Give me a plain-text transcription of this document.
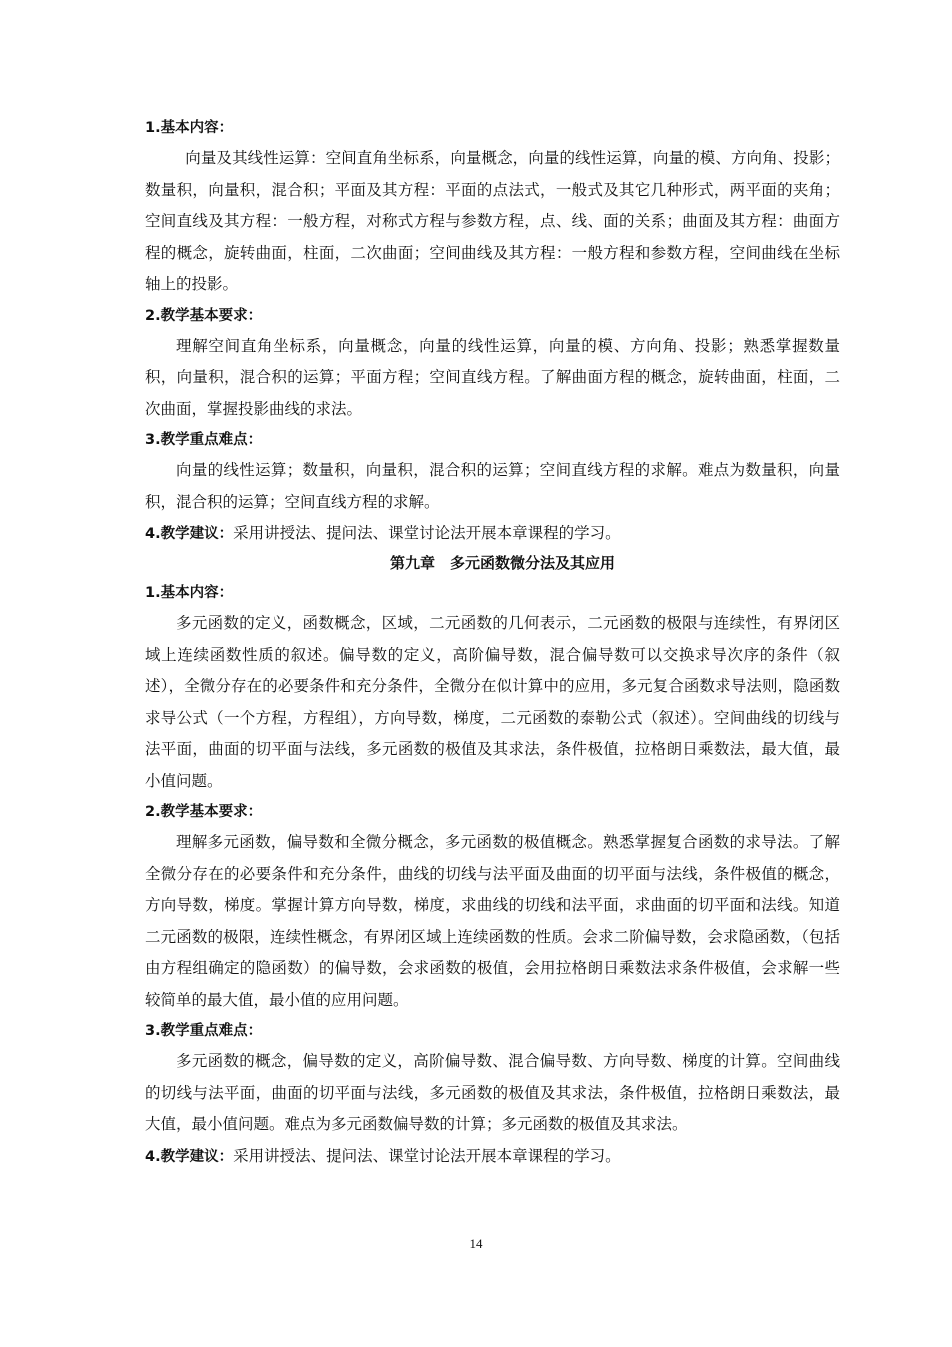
1.基本内容：

向量及其线性运算：空间直角坐标系，向量概念，向量的线性运算，向量的模、方向角、投影；数量积，向量积，混合积；平面及其方程：平面的点法式，一般式及其它几种形式，两平面的夹角；空间直线及其方程：一般方程，对称式方程与参数方程，点、线、面的关系；曲面及其方程：曲面方程的概念，旋转曲面，柱面，二次曲面；空间曲线及其方程：一般方程和参数方程，空间曲线在坐标轴上的投影。

2.教学基本要求：

理解空间直角坐标系，向量概念，向量的线性运算，向量的模、方向角、投影；熟悉掌握数量积，向量积，混合积的运算；平面方程；空间直线方程。了解曲面方程的概念，旋转曲面，柱面，二次曲面，掌握投影曲线的求法。

3.教学重点难点：

向量的线性运算；数量积，向量积，混合积的运算；空间直线方程的求解。难点为数量积，向量积，混合积的运算；空间直线方程的求解。

4.教学建议：采用讲授法、提问法、课堂讨论法开展本章课程的学习。
第九章　多元函数微分法及其应用
1.基本内容：

多元函数的定义，函数概念，区域，二元函数的几何表示，二元函数的极限与连续性，有界闭区域上连续函数性质的叙述。偏导数的定义，高阶偏导数，混合偏导数可以交换求导次序的条件（叙述），全微分存在的必要条件和充分条件，全微分在似计算中的应用，多元复合函数求导法则，隐函数求导公式（一个方程，方程组），方向导数，梯度，二元函数的泰勒公式（叙述）。空间曲线的切线与法平面，曲面的切平面与法线，多元函数的极值及其求法，条件极值，拉格朗日乘数法，最大值，最小值问题。

2.教学基本要求：

理解多元函数，偏导数和全微分概念，多元函数的极值概念。熟悉掌握复合函数的求导法。了解全微分存在的必要条件和充分条件，曲线的切线与法平面及曲面的切平面与法线，条件极值的概念，方向导数，梯度。掌握计算方向导数，梯度，求曲线的切线和法平面，求曲面的切平面和法线。知道二元函数的极限，连续性概念，有界闭区域上连续函数的性质。会求二阶偏导数，会求隐函数，（包括由方程组确定的隐函数）的偏导数，会求函数的极值，会用拉格朗日乘数法求条件极值，会求解一些较简单的最大值，最小值的应用问题。

3.教学重点难点：

多元函数的概念，偏导数的定义，高阶偏导数、混合偏导数、方向导数、梯度的计算。空间曲线的切线与法平面，曲面的切平面与法线，多元函数的极值及其求法，条件极值，拉格朗日乘数法，最大值，最小值问题。难点为多元函数偏导数的计算；多元函数的极值及其求法。

4.教学建议：采用讲授法、提问法、课堂讨论法开展本章课程的学习。
14
